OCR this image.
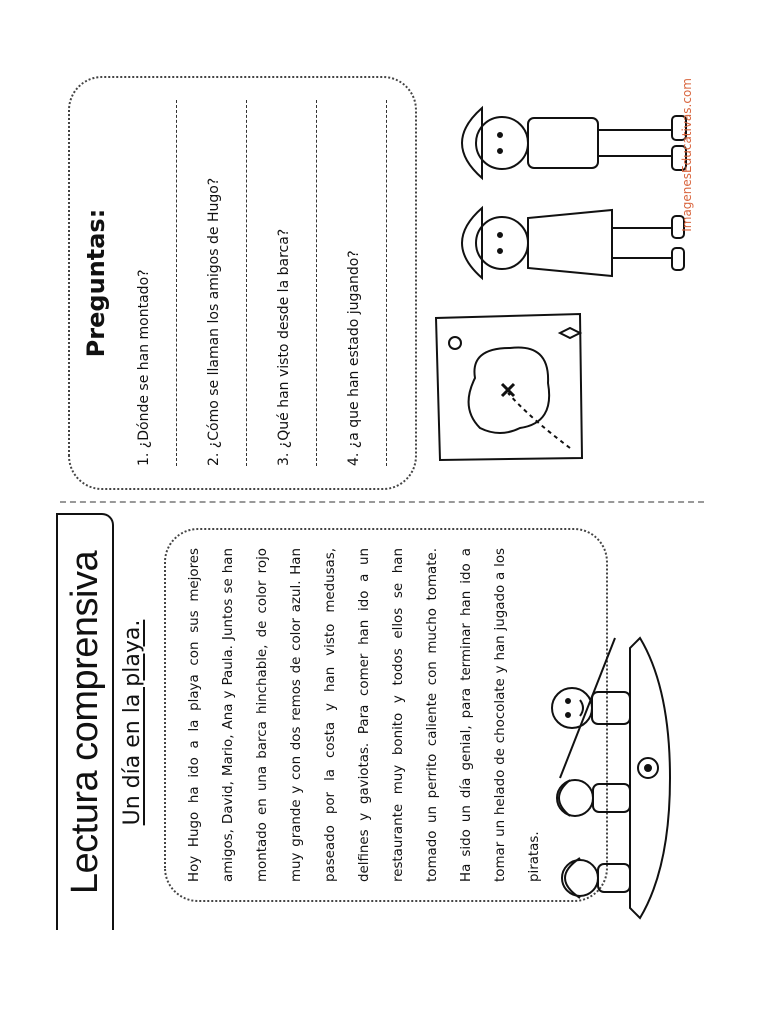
Lectura comprensiva Un día en la playa.	Hoy Hugo ha ido a la playa con sus mejores amigos, David, Mario, Ana y Paula. Juntos se han montado en una barca hinchable, de color rojo muy grande y con dos remos de color azul. Han paseado por la costa y han visto medusas, delfines y gaviotas. Para comer han ido a un restaurante muy bonito y todos ellos se han tomado un perrito caliente con mucho tomate. Ha sido un día genial, para terminar han ido a tomar un helado de chocolate y han jugado a los piratas.
Preguntas: 1. ¿Dónde se han montado?	2. ¿Cómo se llaman los amigos de Hugo?	3. ¿Qué han visto desde la barca?	4. ¿a que han estado jugando?
ImagenesEducativas.com
